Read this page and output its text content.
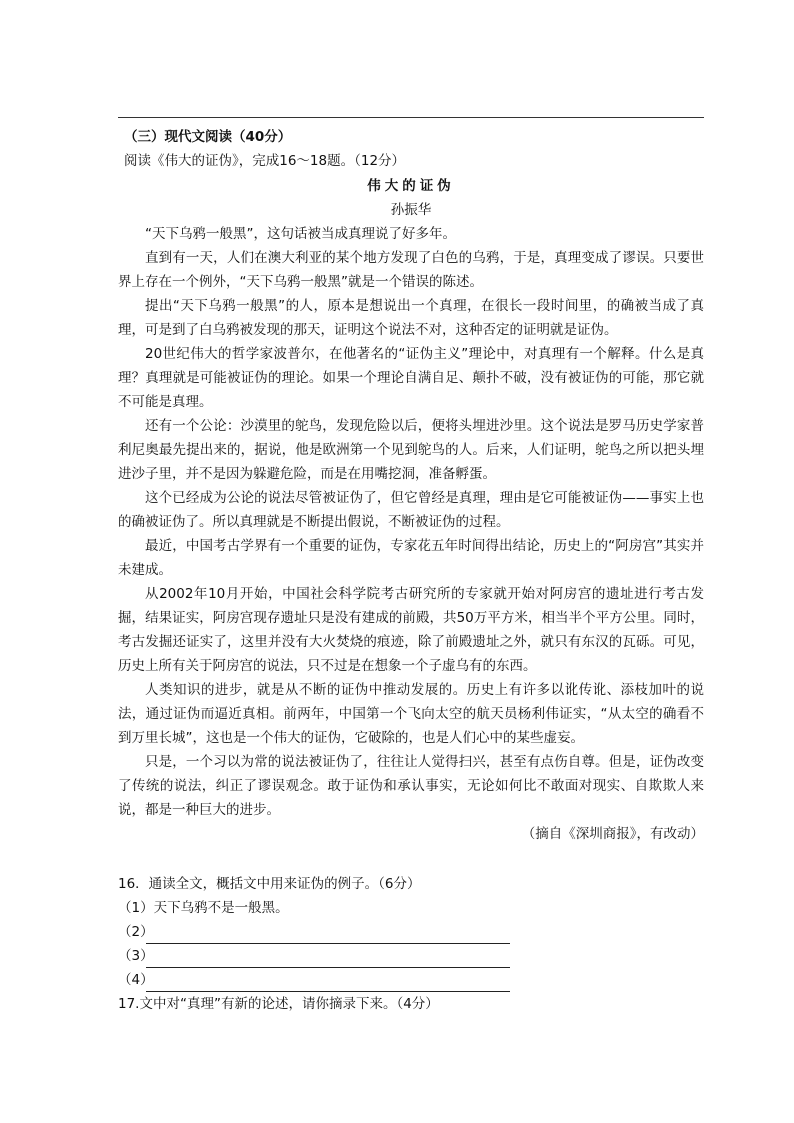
（三）现代文阅读（40分）

阅读《伟大的证伪》，完成16～18题。（12分）

伟大的证伪
孙振华

“天下乌鸦一般黑”，这句话被当成真理说了好多年。

直到有一天，人们在澳大利亚的某个地方发现了白色的乌鸦，于是，真理变成了谬误。只要世界上存在一个例外，“天下乌鸦一般黑”就是一个错误的陈述。

提出“天下乌鸦一般黑”的人，原本是想说出一个真理，在很长一段时间里，的确被当成了真理，可是到了白乌鸦被发现的那天，证明这个说法不对，这种否定的证明就是证伪。

20世纪伟大的哲学家波普尔，在他著名的“证伪主义”理论中，对真理有一个解释。什么是真理？真理就是可能被证伪的理论。如果一个理论自满自足、颠扑不破，没有被证伪的可能，那它就不可能是真理。

还有一个公论：沙漠里的鸵鸟，发现危险以后，便将头埋进沙里。这个说法是罗马历史学家普利尼奥最先提出来的，据说，他是欧洲第一个见到鸵鸟的人。后来，人们证明，鸵鸟之所以把头埋进沙子里，并不是因为躲避危险，而是在用嘴挖洞，准备孵蛋。

这个已经成为公论的说法尽管被证伪了，但它曾经是真理，理由是它可能被证伪——事实上也的确被证伪了。所以真理就是不断提出假说，不断被证伪的过程。

最近，中国考古学界有一个重要的证伪，专家花五年时间得出结论，历史上的“阿房宫”其实并未建成。

从2002年10月开始，中国社会科学院考古研究所的专家就开始对阿房宫的遗址进行考古发掘，结果证实，阿房宫现存遗址只是没有建成的前殿，共50万平方米，相当半个平方公里。同时，考古发掘还证实了，这里并没有大火焚烧的痕迹，除了前殿遗址之外，就只有东汉的瓦砾。可见，历史上所有关于阿房宫的说法，只不过是在想象一个子虚乌有的东西。

人类知识的进步，就是从不断的证伪中推动发展的。历史上有许多以讹传讹、添枝加叶的说法，通过证伪而逼近真相。前两年，中国第一个飞向太空的航天员杨利伟证实，“从太空的确看不到万里长城”，这也是一个伟大的证伪，它破除的，也是人们心中的某些虚妄。

只是，一个习以为常的说法被证伪了，往往让人觉得扫兴，甚至有点伤自尊。但是，证伪改变了传统的说法，纠正了谬误观念。敢于证伪和承认事实，无论如何比不敢面对现实、自欺欺人来说，都是一种巨大的进步。

（摘自《深圳商报》，有改动）

16．通读全文，概括文中用来证伪的例子。（6分）

（1）天下乌鸦不是一般黑。

（2）
（3）
（4）

17.文中对“真理”有新的论述，请你摘录下来。（4分）
